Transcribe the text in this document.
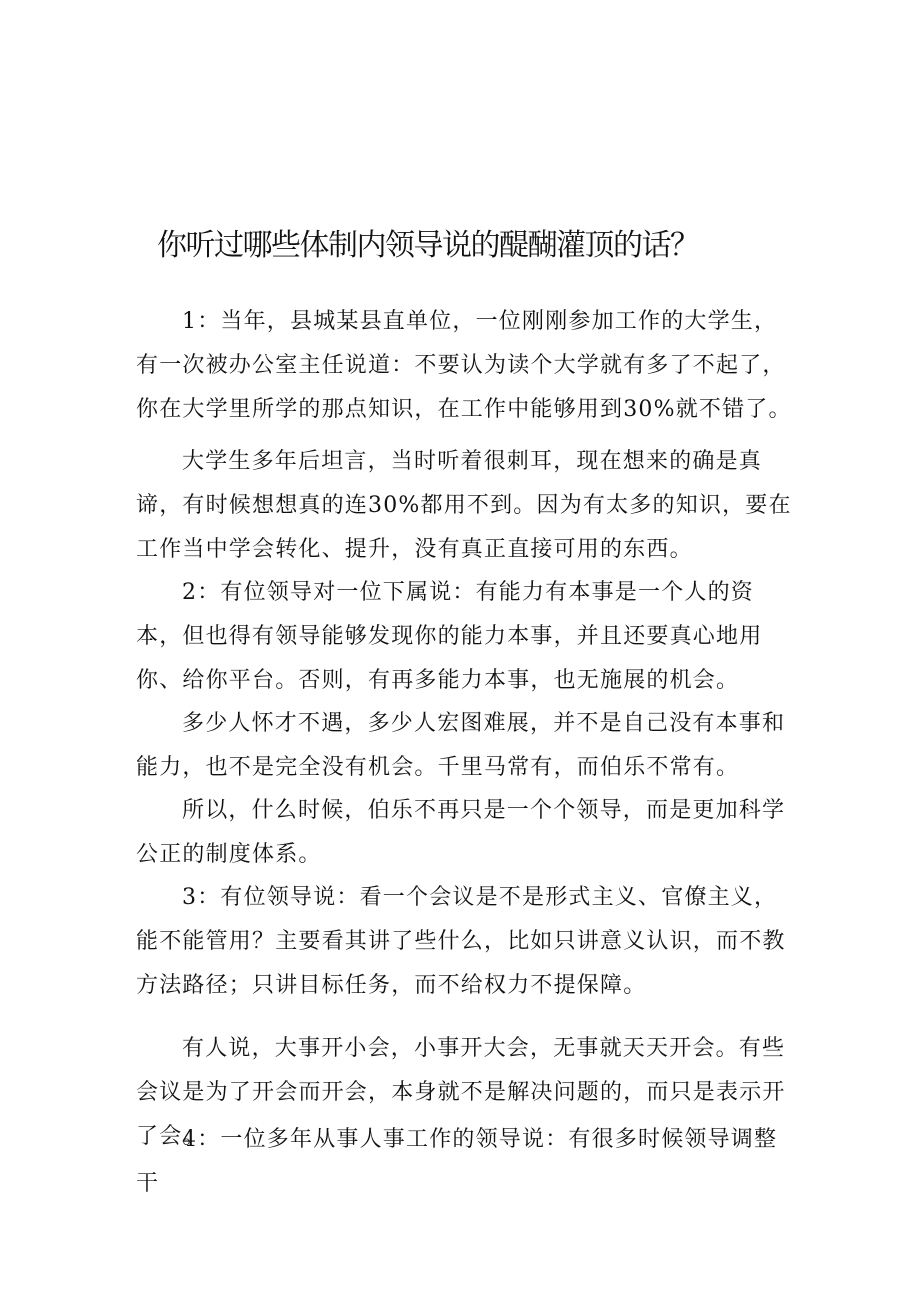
你听过哪些体制内领导说的醍醐灌顶的话？

1：当年，县城某县直单位，一位刚刚参加工作的大学生，有一次被办公室主任说道：不要认为读个大学就有多了不起了，你在大学里所学的那点知识，在工作中能够用到30%就不错了。

大学生多年后坦言，当时听着很刺耳，现在想来的确是真谛，有时候想想真的连30%都用不到。因为有太多的知识，要在工作当中学会转化、提升，没有真正直接可用的东西。

2：有位领导对一位下属说：有能力有本事是一个人的资本，但也得有领导能够发现你的能力本事，并且还要真心地用你、给你平台。否则，有再多能力本事，也无施展的机会。

多少人怀才不遇，多少人宏图难展，并不是自己没有本事和能力，也不是完全没有机会。千里马常有，而伯乐不常有。

所以，什么时候，伯乐不再只是一个个领导，而是更加科学公正的制度体系。

3：有位领导说：看一个会议是不是形式主义、官僚主义，能不能管用？主要看其讲了些什么，比如只讲意义认识，而不教方法路径；只讲目标任务，而不给权力不提保障。

有人说，大事开小会，小事开大会，无事就天天开会。有些会议是为了开会而开会，本身就不是解决问题的，而只是表示开了会。

4：一位多年从事人事工作的领导说：有很多时候领导调整干
